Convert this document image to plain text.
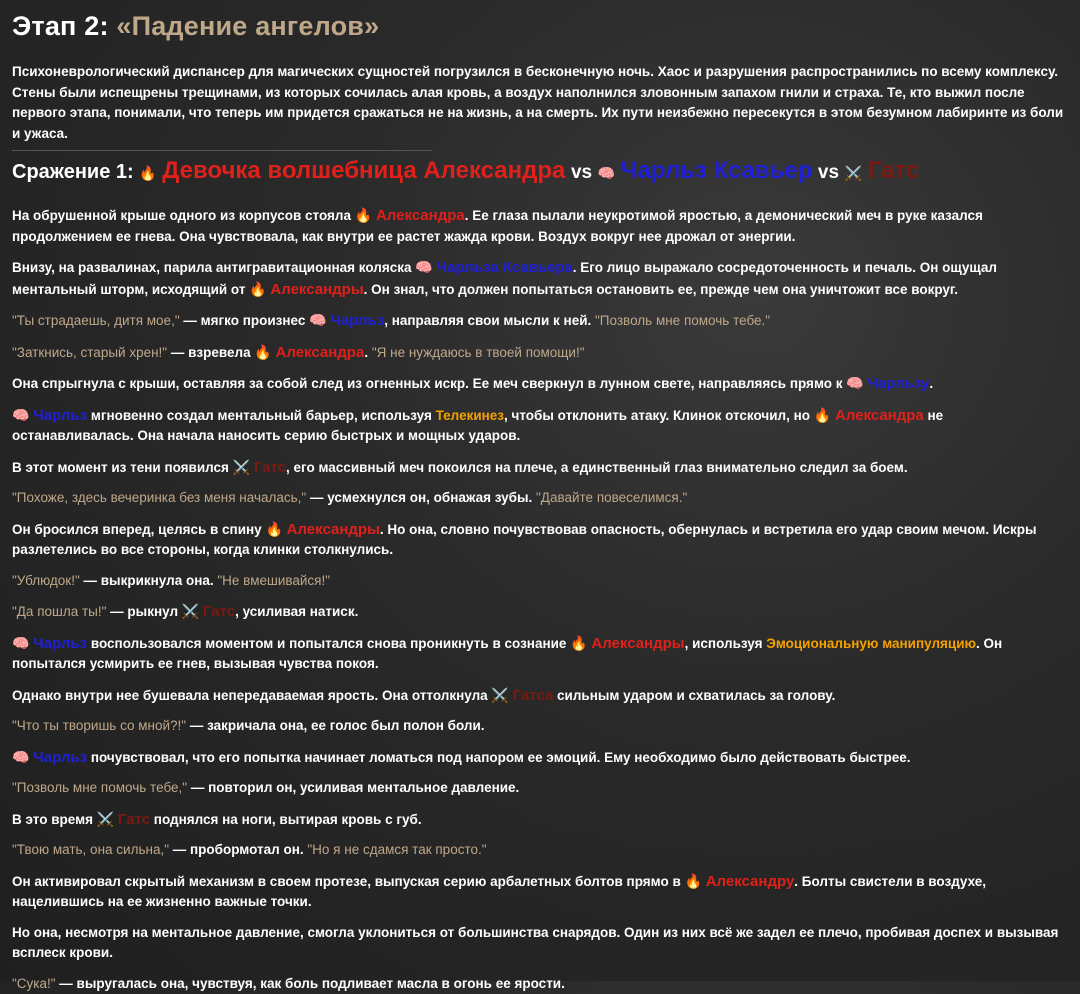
Этап 2: «Падение ангелов»

Психоневрологический диспансер для магических сущностей погрузился в бесконечную ночь. Хаос и разрушения распространились по всему комплексу. Стены были испещрены трещинами, из которых сочилась алая кровь, а воздух наполнился зловонным запахом гнили и страха. Те, кто выжил после первого этапа, понимали, что теперь им придется сражаться не на жизнь, а на смерть. Их пути неизбежно пересекутся в этом безумном лабиринте из боли и ужаса.

Сражение 1: 🔥 Девочка волшебница Александра vs 🧠 Чарльз Ксавьер vs ⚔️ Гатс

На обрушенной крыше одного из корпусов стояла 🔥 Александра. Ее глаза пылали неукротимой яростью, а демонический меч в руке казался продолжением ее гнева. Она чувствовала, как внутри ее растет жажда крови. Воздух вокруг нее дрожал от энергии.

Внизу, на развалинах, парила антигравитационная коляска 🧠 Чарльза Ксавьера. Его лицо выражало сосредоточенность и печаль. Он ощущал ментальный шторм, исходящий от 🔥 Александры. Он знал, что должен попытаться остановить ее, прежде чем она уничтожит все вокруг.

"Ты страдаешь, дитя мое," — мягко произнес 🧠 Чарльз, направляя свои мысли к ней. "Позволь мне помочь тебе."

"Заткнись, старый хрен!" — взревела 🔥 Александра. "Я не нуждаюсь в твоей помощи!"

Она спрыгнула с крыши, оставляя за собой след из огненных искр. Ее меч сверкнул в лунном свете, направляясь прямо к 🧠 Чарльзу.

🧠 Чарльз мгновенно создал ментальный барьер, используя Телекинез, чтобы отклонить атаку. Клинок отскочил, но 🔥 Александра не останавливалась. Она начала наносить серию быстрых и мощных ударов.

В этот момент из тени появился ⚔️ Гатс, его массивный меч покоился на плече, а единственный глаз внимательно следил за боем.

"Похоже, здесь вечеринка без меня началась," — усмехнулся он, обнажая зубы. "Давайте повеселимся."

Он бросился вперед, целясь в спину 🔥 Александры. Но она, словно почувствовав опасность, обернулась и встретила его удар своим мечом. Искры разлетелись во все стороны, когда клинки столкнулись.

"Ублюдок!" — выкрикнула она. "Не вмешивайся!"

"Да пошла ты!" — рыкнул ⚔️ Гатс, усиливая натиск.

🧠 Чарльз воспользовался моментом и попытался снова проникнуть в сознание 🔥 Александры, используя Эмоциональную манипуляцию. Он попытался усмирить ее гнев, вызывая чувства покоя.

Однако внутри нее бушевала непередаваемая ярость. Она оттолкнула ⚔️ Гатса сильным ударом и схватилась за голову.

"Что ты творишь со мной?!" — закричала она, ее голос был полон боли.

🧠 Чарльз почувствовал, что его попытка начинает ломаться под напором ее эмоций. Ему необходимо было действовать быстрее.

"Позволь мне помочь тебе," — повторил он, усиливая ментальное давление.

В это время ⚔️ Гатс поднялся на ноги, вытирая кровь с губ.

"Твою мать, она сильна," — пробормотал он. "Но я не сдамся так просто."

Он активировал скрытый механизм в своем протезе, выпуская серию арбалетных болтов прямо в 🔥 Александру. Болты свистели в воздухе, нацелившись на ее жизненно важные точки.

Но она, несмотря на ментальное давление, смогла уклониться от большинства снарядов. Один из них всё же задел ее плечо, пробивая доспех и вызывая всплеск крови.

"Сука!" — выругалась она, чувствуя, как боль подливает масла в огонь ее ярости.
